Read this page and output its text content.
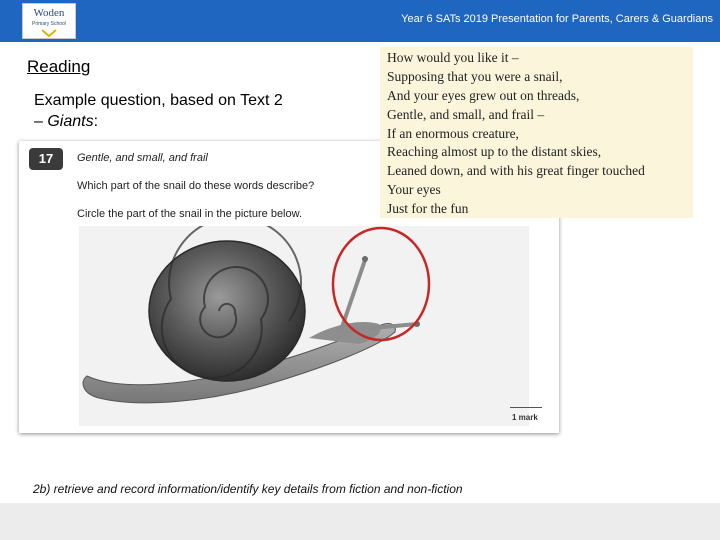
Woden
Primary School	Year 6 SATs 2019 Presentation for Parents, Carers & Guardians
Reading
Example question, based on Text 2 – Giants:
17	Gentle, and small, and frail
Which part of the snail do these words describe?
Circle the part of the snail in the picture below.
1 mark
How would you like it –
Supposing that you were a snail,
And your eyes grew out on threads,
Gentle, and small, and frail –
If an enormous creature,
Reaching almost up to the distant skies,
Leaned down, and with his great finger touched
Your eyes
Just for the fun
2b) retrieve and record information/identify key details from fiction and non-fiction
